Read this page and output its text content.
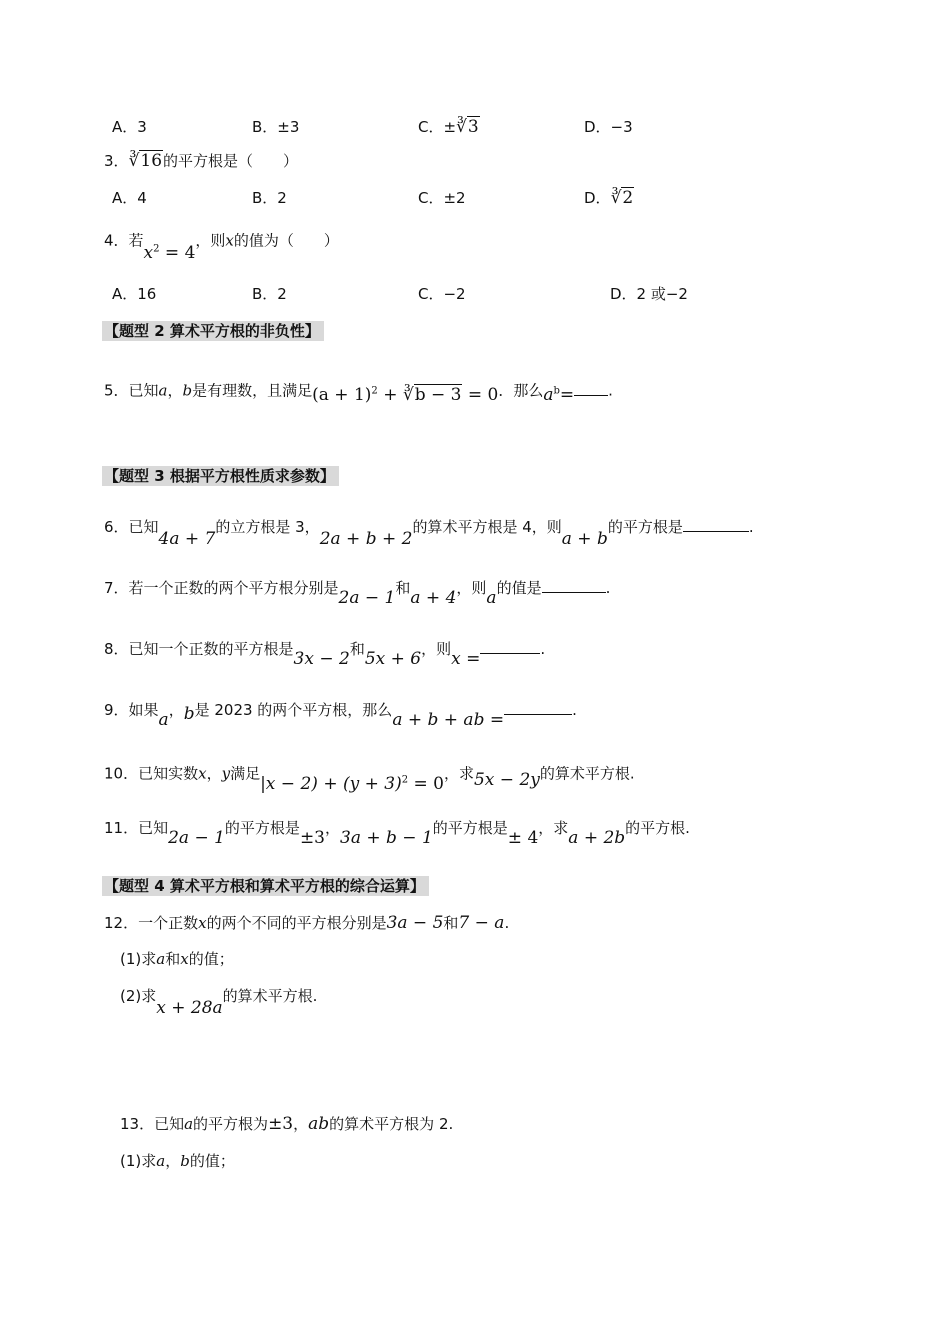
A．3	B．±3	C．±∛3	D．−3
3．∛16的平方根是（　　）
A．4	B．2	C．±2	D．∛2
4．若$x^2 = 4$，则x的值为（　　）
A．16	B．2	C．−2	D．2 或−2
【题型 2 算术平方根的非负性】
5．已知a，b是有理数，且满足$(a + 1)^2$ + ∛b − 3 = 0．那么$a^b=$ .
【题型 3 根据平方根性质求参数】
6．已知4a + 7的立方根是 3，2a + b + 2的算术平方根是 4，则a + b的平方根是	.
7．若一个正数的两个平方根分别是2a − 1和a + 4，则a的值是	.
8．已知一个正数的平方根是3x − 2和5x + 6，则x =	.
9．如果a，b是 2023 的两个平方根，那么a + b + ab =	.
10．已知实数x，y满足$|x - 2) + (y + 3)^2 = 0$，求5x − 2y的算术平方根.
11．已知2a − 1的平方根是±3，3a + b − 1的平方根是± 4，求a + 2b的平方根.
【题型 4 算术平方根和算术平方根的综合运算】
12．一个正数x的两个不同的平方根分别是3a − 5和7 − a.
(1)求a和x的值；
(2)求x + 28a的算术平方根.
13．已知a的平方根为±3，ab的算术平方根为 2.
(1)求a，b的值；
